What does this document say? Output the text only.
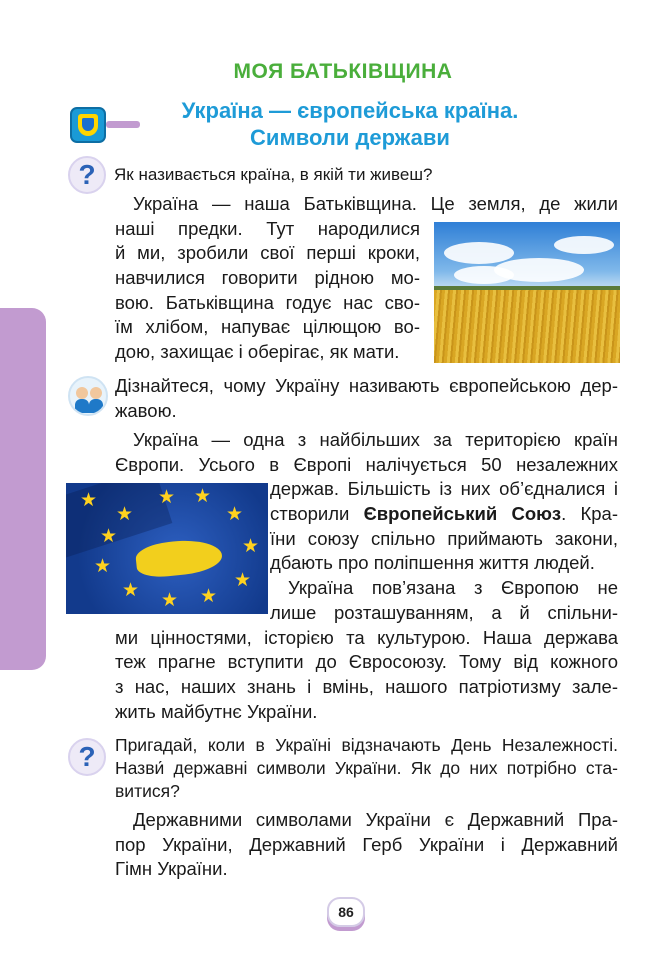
МОЯ БАТЬКІВЩИНА
Україна — європейська країна.
Символи держави
?	Як називається країна, в якій ти живеш?
Україна — наша Батьківщина. Це земля, де жили
наші предки. Тут народилися
й ми, зробили свої перші кроки,
навчилися говорити рідною мо-
вою. Батьківщина годує нас сво-
їм хлібом, напуває цілющою во-
дою, захищає і оберігає, як мати.
Дізнайтеся, чому Україну називають європейською дер-
жавою.
Україна — одна з найбільших за територією країн
Європи. Усього в Європі налічується 50 незалежних
★
★
★ ★
★
★
★
★
★
★
★
★
держав. Більшість із них об’єдналися і
створили Європейський Союз. Кра-
їни союзу спільно приймають закони,
дбають про поліпшення життя людей.
Україна пов’язана з Європою не
лише розташуванням, а й спільни-
ми цінностями, історією та культурою. Наша держава
теж прагне вступити до Євросоюзу. Тому від кожного
з нас, наших знань і вмінь, нашого патріотизму зале-
жить майбутнє України.
?	Пригадай, коли в Україні відзначають День Незалежності.
Назви́ державні символи України. Як до них потрібно ста-
витися?
Державними символами України є Державний Пра-
пор України, Державний Герб України і Державний
Гімн України.
86
